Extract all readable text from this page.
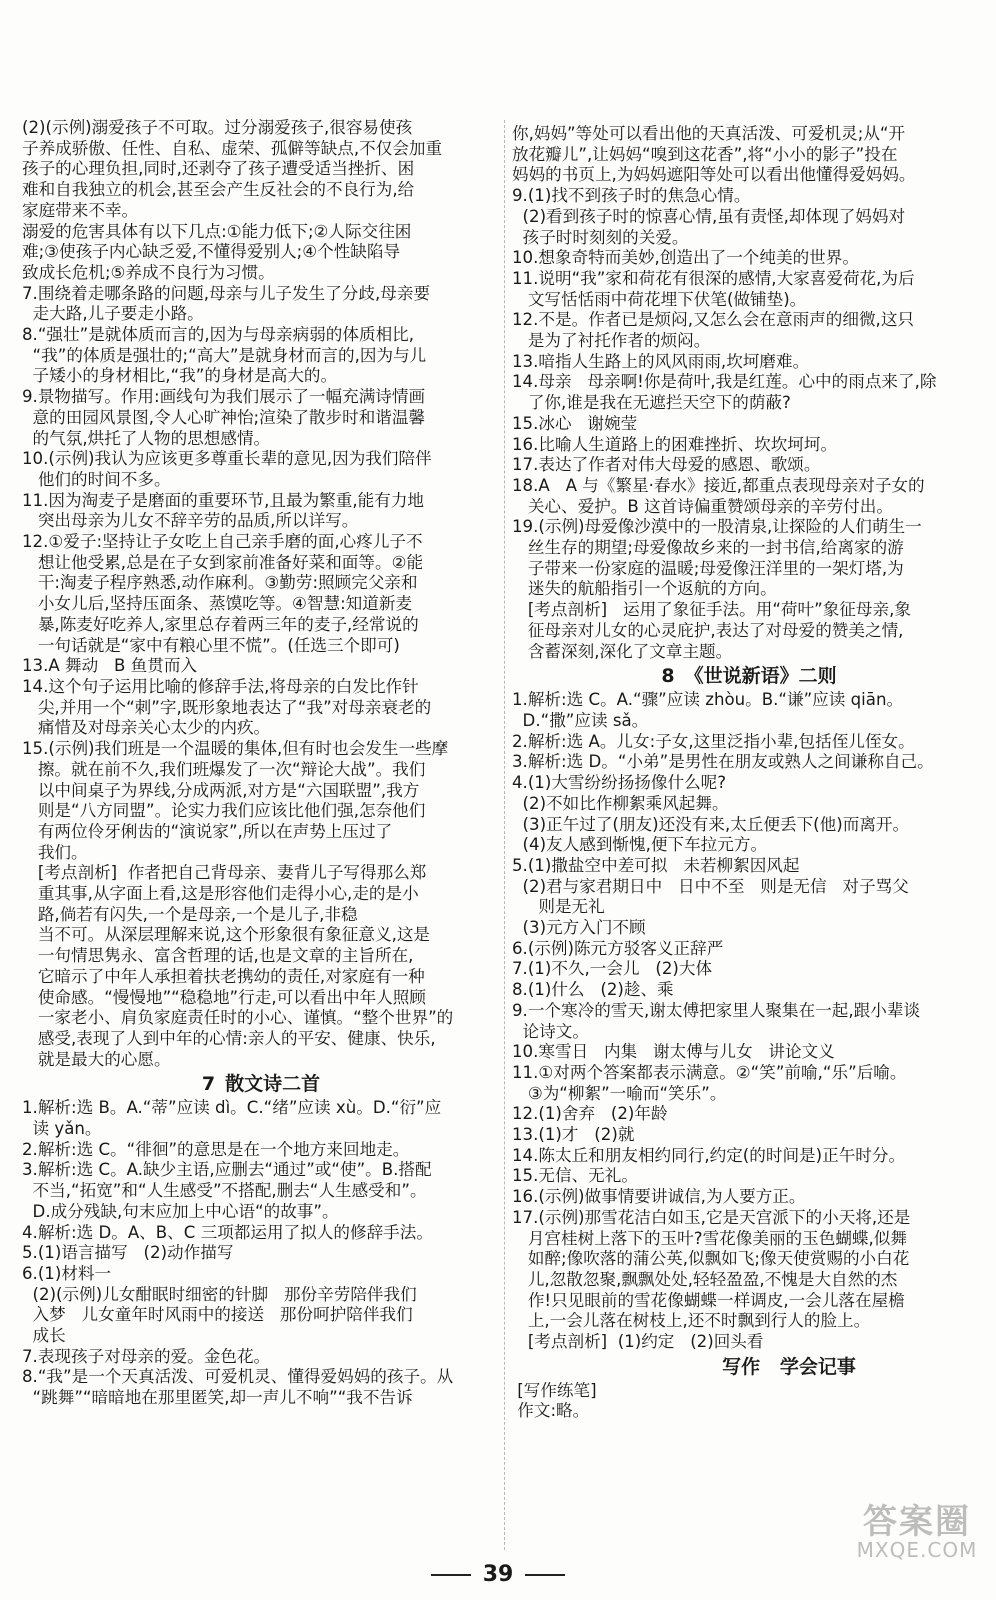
(2)(示例)溺爱孩子不可取。过分溺爱孩子,很容易使孩
子养成骄傲、任性、自私、虚荣、孤僻等缺点,不仅会加重
孩子的心理负担,同时,还剥夺了孩子遭受适当挫折、困
难和自我独立的机会,甚至会产生反社会的不良行为,给
家庭带来不幸。
溺爱的危害具体有以下几点:①能力低下;②人际交往困
难;③使孩子内心缺乏爱,不懂得爱别人;④个性缺陷导
致成长危机;⑤养成不良行为习惯。
7.围绕着走哪条路的问题,母亲与儿子发生了分歧,母亲要
走大路,儿子要走小路。
8.“强壮”是就体质而言的,因为与母亲病弱的体质相比,
“我”的体质是强壮的;“高大”是就身材而言的,因为与儿
子矮小的身材相比,“我”的身材是高大的。
9.景物描写。作用:画线句为我们展示了一幅充满诗情画
意的田园风景图,令人心旷神怡;渲染了散步时和谐温馨
的气氛,烘托了人物的思想感情。
10.(示例)我认为应该更多尊重长辈的意见,因为我们陪伴
他们的时间不多。
11.因为淘麦子是磨面的重要环节,且最为繁重,能有力地
突出母亲为儿女不辞辛劳的品质,所以详写。
12.①爱子:坚持让子女吃上自己亲手磨的面,心疼儿子不
想让他受累,总是在子女到家前准备好菜和面等。②能
干:淘麦子程序熟悉,动作麻利。③勤劳:照顾完父亲和
小女儿后,坚持压面条、蒸馍吃等。④智慧:知道新麦
暴,陈麦好吃养人,家里总存着两三年的麦子,经常说的
一句话就是“家中有粮心里不慌”。(任选三个即可)
13.A 舞动   B 鱼贯而入
14.这个句子运用比喻的修辞手法,将母亲的白发比作针
尖,并用一个“刺”字,既形象地表达了“我”对母亲衰老的
痛惜及对母亲关心太少的内疚。
15.(示例)我们班是一个温暖的集体,但有时也会发生一些摩
擦。就在前不久,我们班爆发了一次“辩论大战”。我们
以中间桌子为界线,分成两派,对方是“六国联盟”,我方
则是“八方同盟”。论实力我们应该比他们强,怎奈他们
有两位伶牙俐齿的“演说家”,所以在声势上压过了
我们。
[考点剖析]  作者把自己背母亲、妻背儿子写得那么郑
重其事,从字面上看,这是形容他们走得小心,走的是小
路,倘若有闪失,一个是母亲,一个是儿子,非稳
当不可。从深层理解来说,这个形象很有象征意义,这是
一句情思隽永、富含哲理的话,也是文章的主旨所在,
它暗示了中年人承担着扶老携幼的责任,对家庭有一种
使命感。“慢慢地”“稳稳地”行走,可以看出中年人照顾
一家老小、肩负家庭责任时的小心、谨慎。“整个世界”的
感受,表现了人到中年的心情:亲人的平安、健康、快乐,
就是最大的心愿。
7 散文诗二首
1.解析:选 B。A.“蒂”应读 dì。C.“绪”应读 xù。D.“衍”应
读 yǎn。
2.解析:选 C。“徘徊”的意思是在一个地方来回地走。
3.解析:选 C。A.缺少主语,应删去“通过”或“使”。B.搭配
不当,“拓宽”和“人生感受”不搭配,删去“人生感受和”。
D.成分残缺,句末应加上中心语“的故事”。
4.解析:选 D。A、B、C 三项都运用了拟人的修辞手法。
5.(1)语言描写   (2)动作描写
6.(1)材料一
(2)(示例)儿女酣眠时细密的针脚   那份辛劳陪伴我们
入梦   儿女童年时风雨中的接送   那份呵护陪伴我们
成长
7.表现孩子对母亲的爱。金色花。
8.“我”是一个天真活泼、可爱机灵、懂得爱妈妈的孩子。从
“跳舞”“暗暗地在那里匿笑,却一声儿不响”“我不告诉
你,妈妈”等处可以看出他的天真活泼、可爱机灵;从“开
放花瓣儿”,让妈妈“嗅到这花香”,将“小小的影子”投在
妈妈的书页上,为妈妈遮阳等处可以看出他懂得爱妈妈。
9.(1)找不到孩子时的焦急心情。
(2)看到孩子时的惊喜心情,虽有责怪,却体现了妈妈对
孩子时时刻刻的关爱。
10.想象奇特而美妙,创造出了一个纯美的世界。
11.说明“我”家和荷花有很深的感情,大家喜爱荷花,为后
文写恬恬雨中荷花埋下伏笔(做铺垫)。
12.不是。作者已是烦闷,又怎么会在意雨声的细微,这只
是为了衬托作者的烦闷。
13.喑指人生路上的风风雨雨,坎坷磨难。
14.母亲   母亲啊!你是荷叶,我是红莲。心中的雨点来了,除
了你,谁是我在无遮拦天空下的荫蔽?
15.冰心   谢婉莹
16.比喻人生道路上的困难挫折、坎坎坷坷。
17.表达了作者对伟大母爱的感恩、歌颂。
18.A   A 与《繁星·春水》接近,都重点表现母亲对子女的
关心、爱护。B 这首诗偏重赞颂母亲的辛劳付出。
19.(示例)母爱像沙漠中的一股清泉,让探险的人们萌生一
丝生存的期望;母爱像故乡来的一封书信,给离家的游
子带来一份家庭的温暖;母爱像汪洋里的一架灯塔,为
迷失的航船指引一个返航的方向。
[考点剖析]   运用了象征手法。用“荷叶”象征母亲,象
征母亲对儿女的心灵庇护,表达了对母爱的赞美之情,
含蓄深刻,深化了文章主题。
8 《世说新语》二则
1.解析:选 C。A.“骤”应读 zhòu。B.“谦”应读 qiān。
D.“撒”应读 sǎ。
2.解析:选 A。儿女:子女,这里泛指小辈,包括侄儿侄女。
3.解析:选 D。“小弟”是男性在朋友或熟人之间谦称自己。
4.(1)大雪纷纷扬扬像什么呢?
(2)不如比作柳絮乘风起舞。
(3)正午过了(朋友)还没有来,太丘便丢下(他)而离开。
(4)友人感到惭愧,便下车拉元方。
5.(1)撒盐空中差可拟   未若柳絮因风起
(2)君与家君期日中   日中不至   则是无信   对子骂父
则是无礼
(3)元方入门不顾
6.(示例)陈元方驳客义正辞严
7.(1)不久,一会儿   (2)大体
8.(1)什么   (2)趁、乘
9.一个寒冷的雪天,谢太傅把家里人聚集在一起,跟小辈谈
论诗文。
10.寒雪日   内集   谢太傅与儿女   讲论文义
11.①对两个答案都表示满意。②“笑”前喻,“乐”后喻。
③为“柳絮”一喻而“笑乐”。
12.(1)舍弃   (2)年龄
13.(1)才   (2)就
14.陈太丘和朋友相约同行,约定(的时间是)正午时分。
15.无信、无礼。
16.(示例)做事情要讲诚信,为人要方正。
17.(示例)那雪花洁白如玉,它是天宫派下的小天将,还是
月宫桂树上落下的玉叶?雪花像美丽的玉色蝴蝶,似舞
如醉;像吹落的蒲公英,似飘如飞;像天使赏赐的小白花
儿,忽散忽聚,飘飘处处,轻轻盈盈,不愧是大自然的杰
作!只见眼前的雪花像蝴蝶一样调皮,一会儿落在屋檐
上,一会儿落在树枝上,还不时飘到行人的脸上。
[考点剖析]  (1)约定   (2)回头看
写作   学会记事
[写作练笔]
作文:略。
39
答案圈
MXQE.COM
